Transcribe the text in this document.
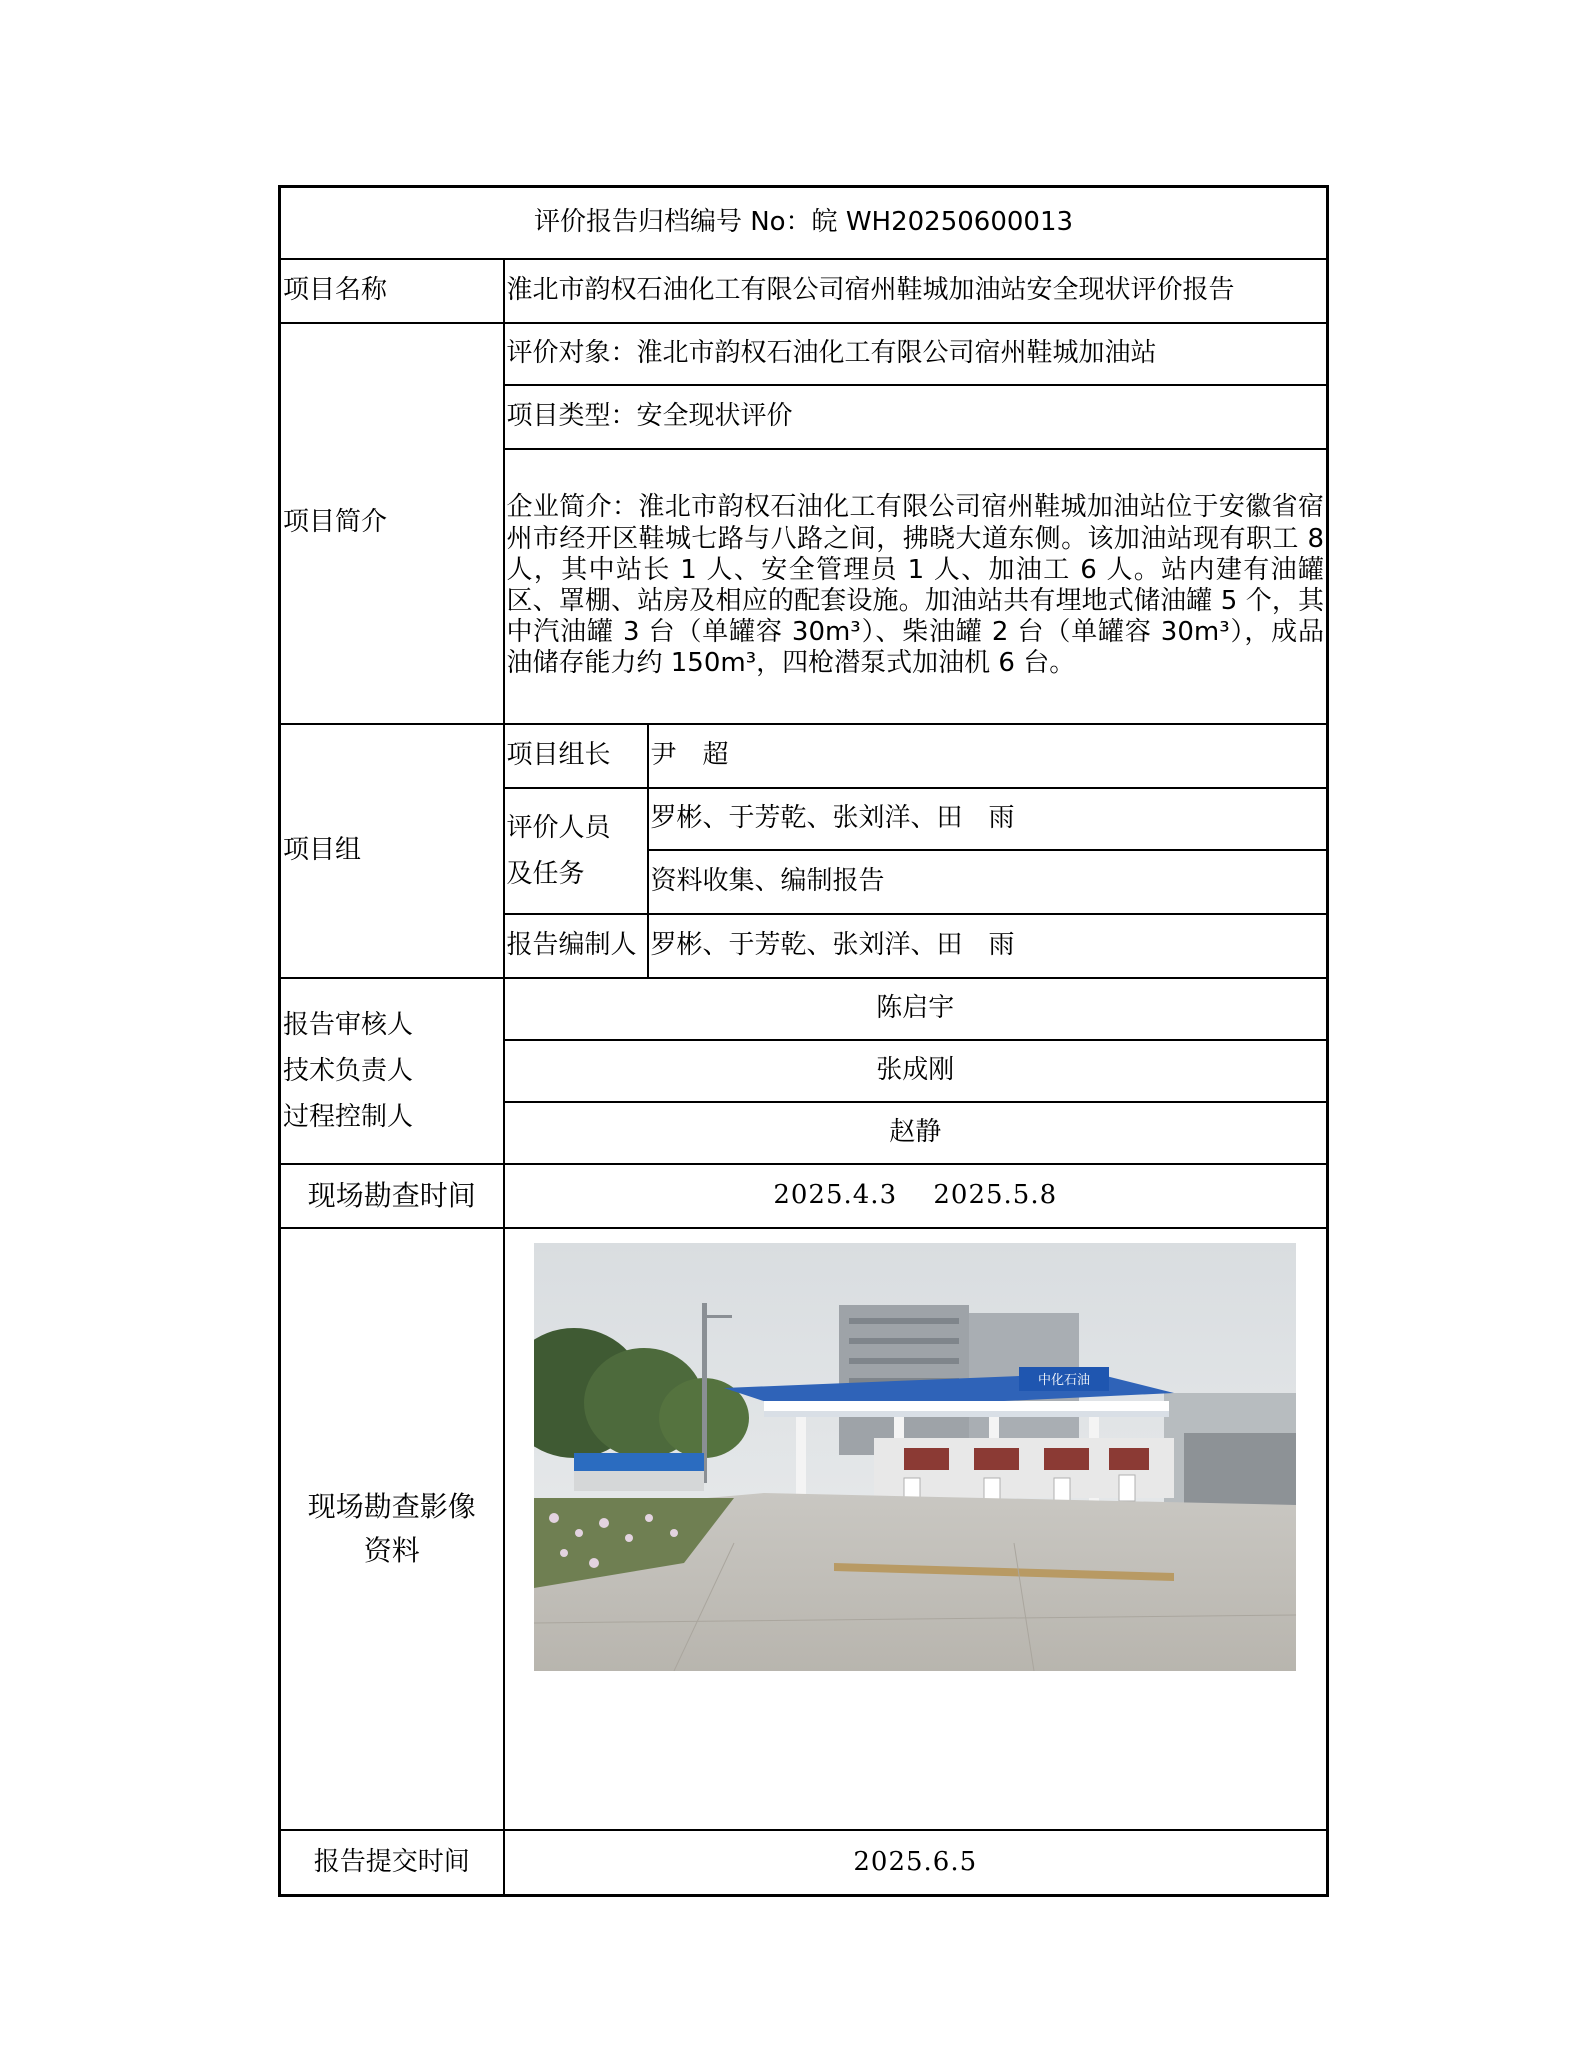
评价报告归档编号 No：皖 WH20250600013		
项目名称	淮北市韵权石油化工有限公司宿州鞋城加油站安全现状评价报告	
项目简介	评价对象：淮北市韵权石油化工有限公司宿州鞋城加油站	
	项目类型：安全现状评价	
	企业简介：淮北市韵权石油化工有限公司宿州鞋城加油站位于安徽省宿州市经开区鞋城七路与八路之间，拂晓大道东侧。该加油站现有职工 8 人，其中站长 1 人、安全管理员 1 人、加油工 6 人。站内建有油罐区、罩棚、站房及相应的配套设施。加油站共有埋地式储油罐 5 个，其中汽油罐 3 台（单罐容 30m³）、柴油罐 2 台（单罐容 30m³），成品油储存能力约 150m³，四枪潜泵式加油机 6 台。	
项目组	项目组长	尹　超

	评价人员及任务	罗彬、于芳乾、张刘洋、田　雨
		资料收集、编制报告
	报告编制人	罗彬、于芳乾、张刘洋、田　雨

报告审核人
技术负责人
过程控制人	陈启宇	
	张成刚	
	赵静	
现场勘查时间	2025.4.3　 2025.5.8	

现场勘查影像
资料	中化石油	

报告提交时间	2025.6.5	
